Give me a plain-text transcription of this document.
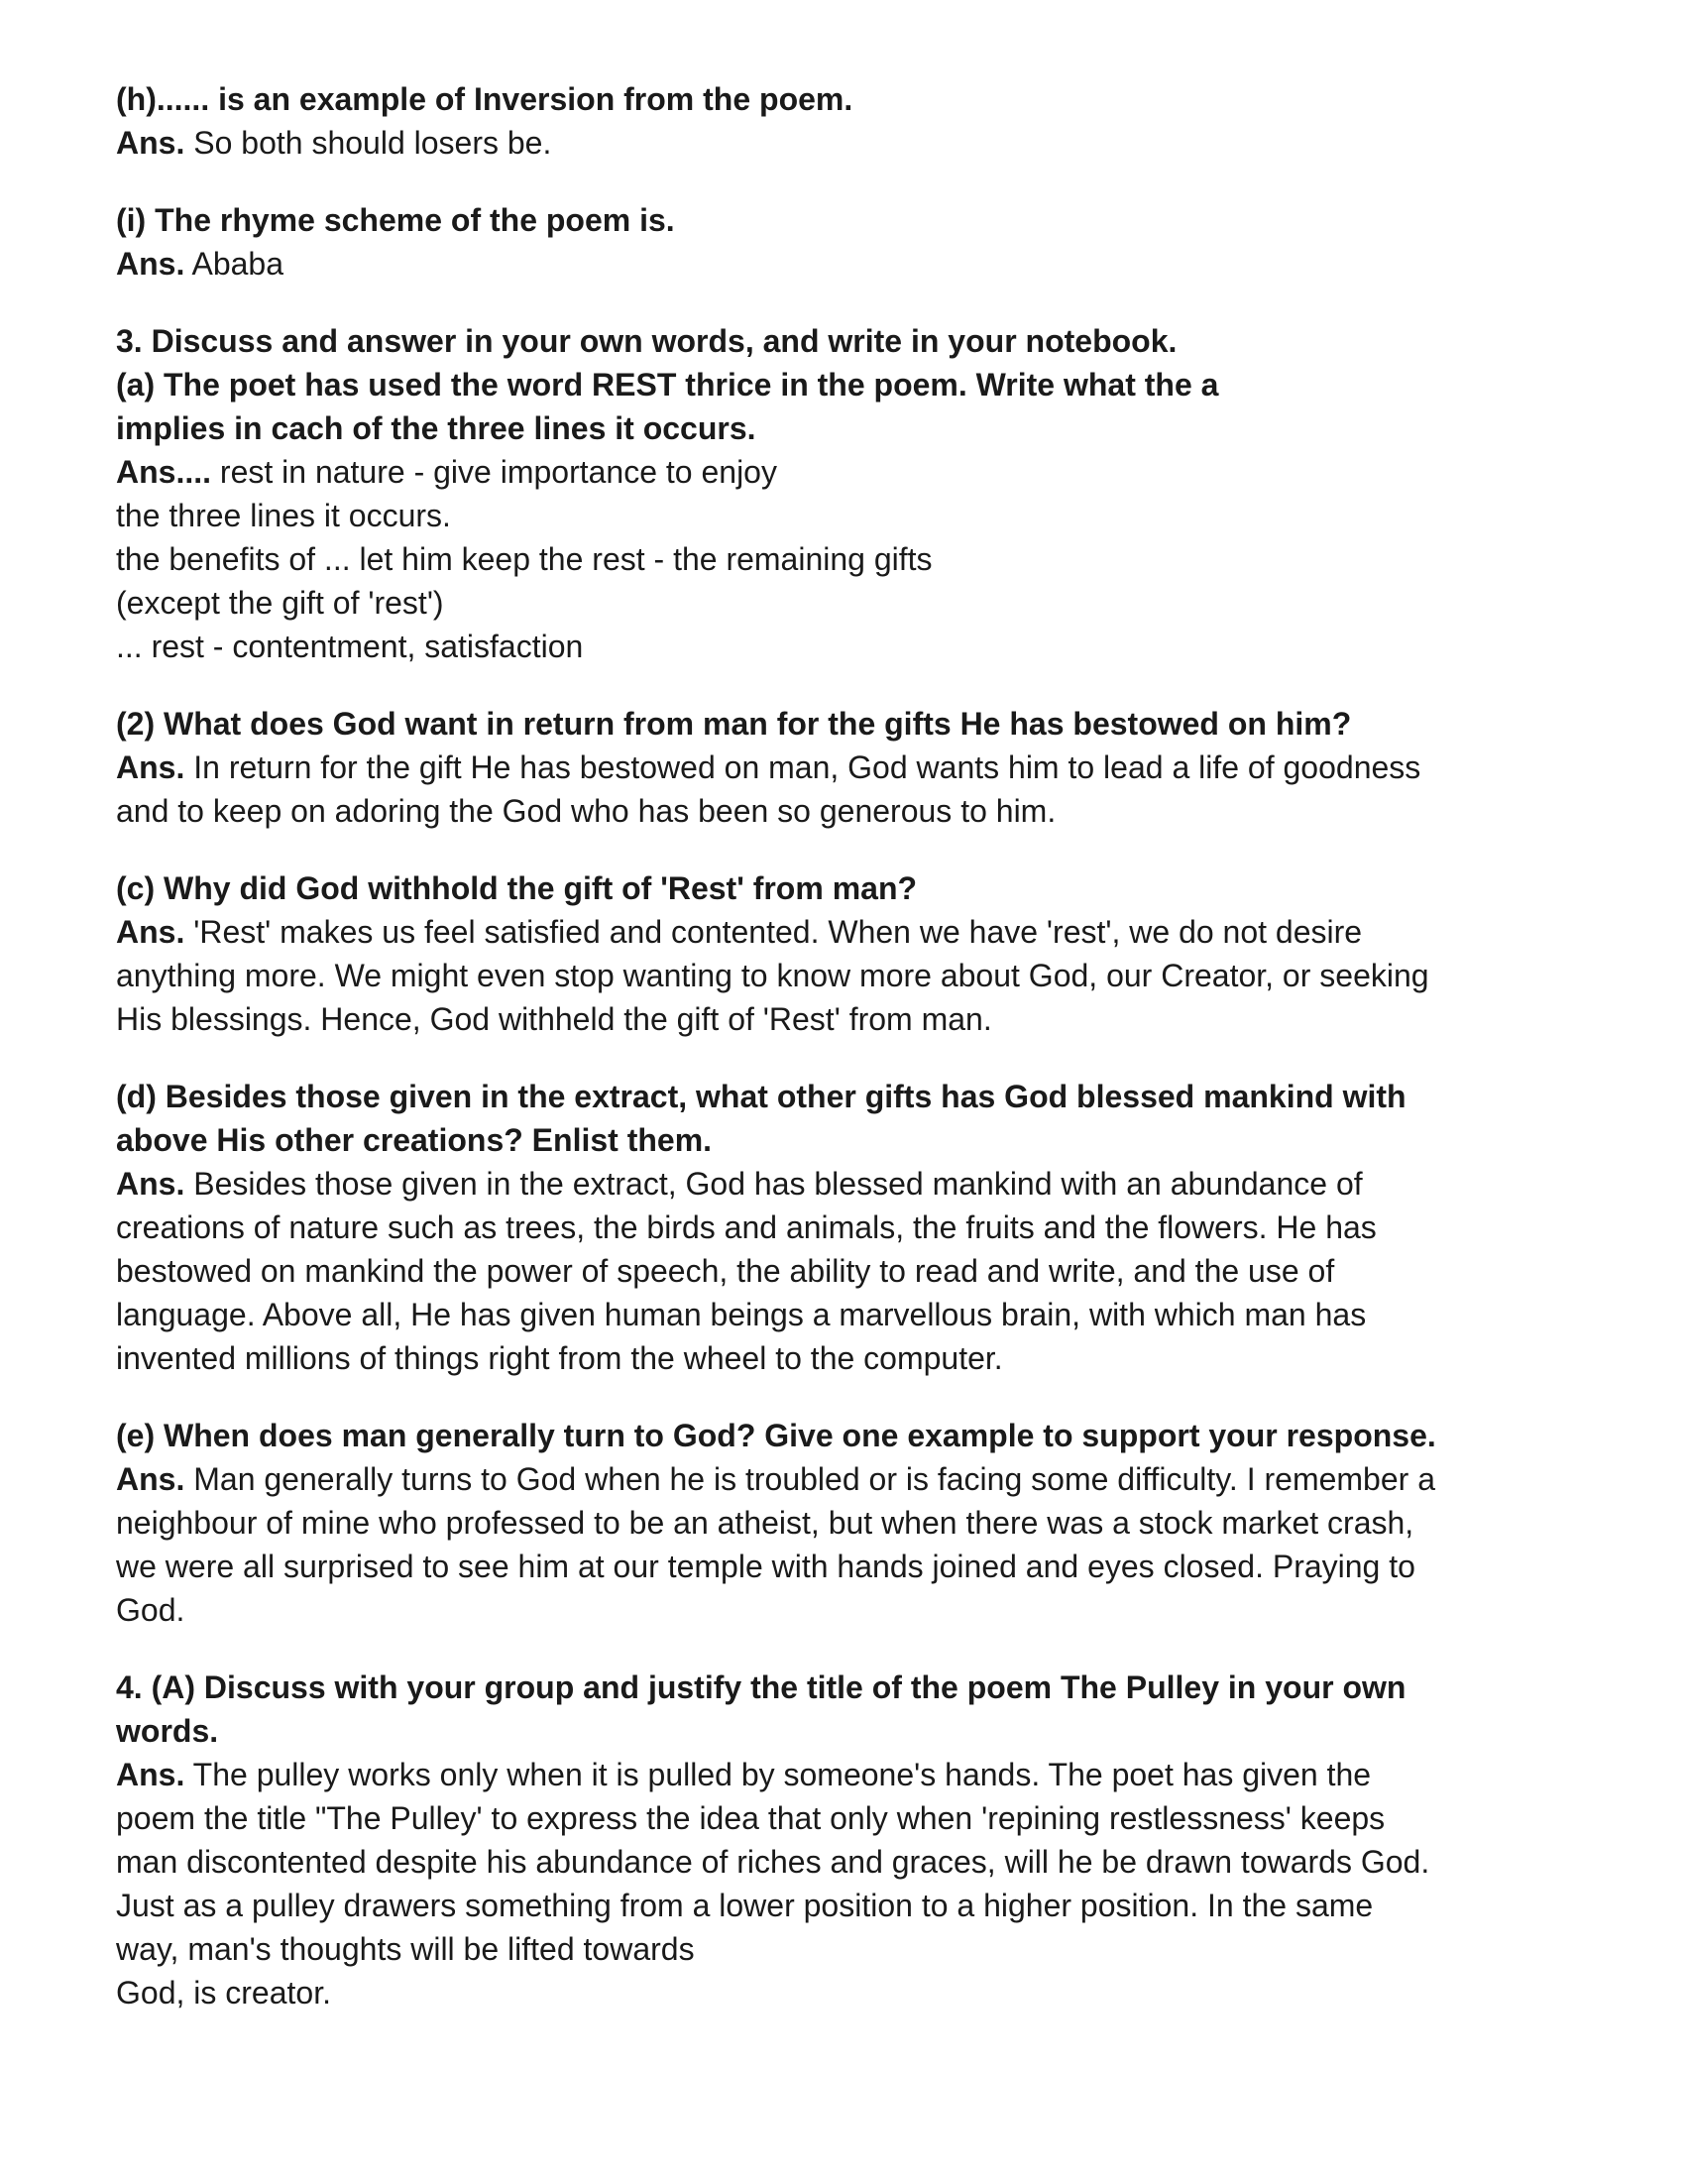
(h)...... is an example of Inversion from the poem.
Ans. So both should losers be.
(i) The rhyme scheme of the poem is.
Ans. Ababa
3. Discuss and answer in your own words, and write in your notebook.
(a) The poet has used the word REST thrice in the poem. Write what the a
implies in cach of the three lines it occurs.
Ans.... rest in nature - give importance to enjoy
the three lines it occurs.
the benefits of ... let him keep the rest - the remaining gifts
(except the gift of 'rest')
... rest - contentment, satisfaction
(2) What does God want in return from man for the gifts He has bestowed on him?
Ans. In return for the gift He has bestowed on man, God wants him to lead a life of goodness
and to keep on adoring the God who has been so generous to him.
(c) Why did God withhold the gift of 'Rest' from man?
Ans. 'Rest' makes us feel satisfied and contented. When we have 'rest', we do not desire
anything more. We might even stop wanting to know more about God, our Creator, or seeking
His blessings. Hence, God withheld the gift of 'Rest' from man.
(d) Besides those given in the extract, what other gifts has God blessed mankind with
above His other creations? Enlist them.
Ans. Besides those given in the extract, God has blessed mankind with an abundance of
creations of nature such as trees, the birds and animals, the fruits and the flowers. He has
bestowed on mankind the power of speech, the ability to read and write, and the use of
language. Above all, He has given human beings a marvellous brain, with which man has
invented millions of things right from the wheel to the computer.
(e) When does man generally turn to God? Give one example to support your response.
Ans. Man generally turns to God when he is troubled or is facing some difficulty. I remember a
neighbour of mine who professed to be an atheist, but when there was a stock market crash,
we were all surprised to see him at our temple with hands joined and eyes closed. Praying to
God.
4. (A) Discuss with your group and justify the title of the poem The Pulley in your own
words.
Ans. The pulley works only when it is pulled by someone's hands. The poet has given the
poem the title "The Pulley' to express the idea that only when 'repining restlessness' keeps
man discontented despite his abundance of riches and graces, will he be drawn towards God.
Just as a pulley drawers something from a lower position to a higher position. In the same
way, man's thoughts will be lifted towards
God, is creator.
